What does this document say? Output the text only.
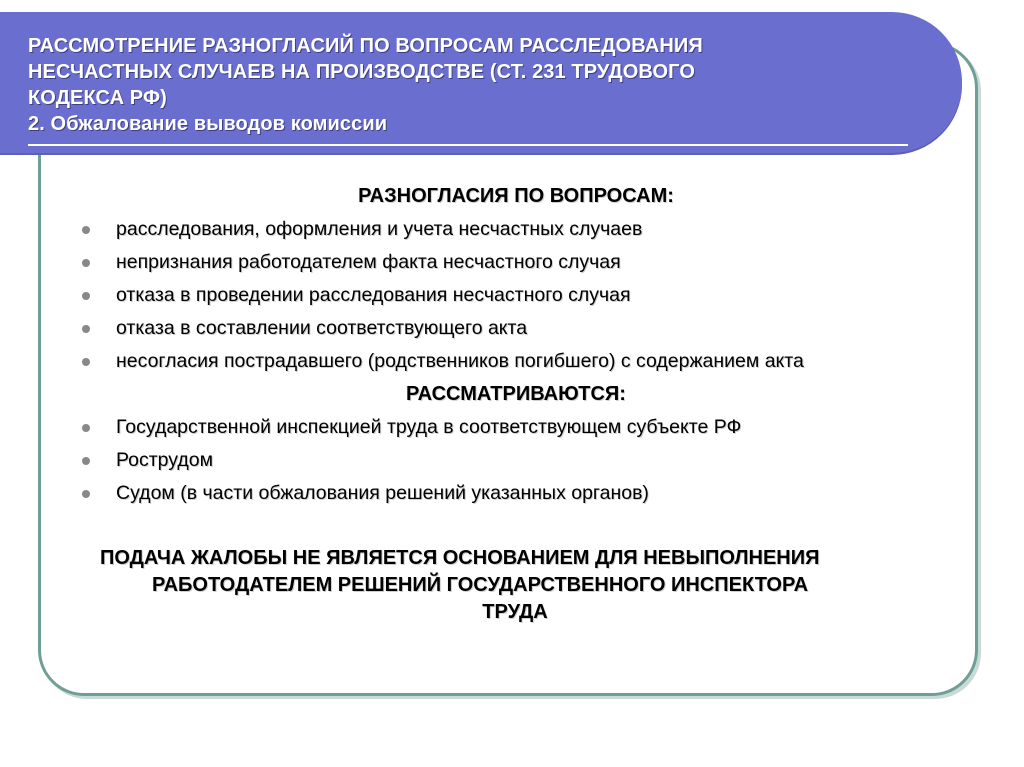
РАССМОТРЕНИЕ РАЗНОГЛАСИЙ ПО ВОПРОСАМ РАССЛЕДОВАНИЯ
НЕСЧАСТНЫХ СЛУЧАЕВ НА ПРОИЗВОДСТВЕ (СТ. 231 ТРУДОВОГО
КОДЕКСА РФ)
2. Обжалование выводов комиссии

РАЗНОГЛАСИЯ ПО ВОПРОСАМ:

расследования, оформления и учета несчастных случаев
непризнания работодателем факта несчастного случая
отказа в проведении расследования несчастного случая
отказа в составлении соответствующего акта
несогласия пострадавшего (родственников погибшего) с содержанием акта

РАССМАТРИВАЮТСЯ:

Государственной инспекцией труда в соответствующем субъекте РФ
Рострудом
Судом (в части обжалования решений указанных органов)

ПОДАЧА ЖАЛОБЫ НЕ ЯВЛЯЕТСЯ ОСНОВАНИЕМ ДЛЯ НЕВЫПОЛНЕНИЯ
РАБОТОДАТЕЛЕМ РЕШЕНИЙ ГОСУДАРСТВЕННОГО ИНСПЕКТОРА
ТРУДА
